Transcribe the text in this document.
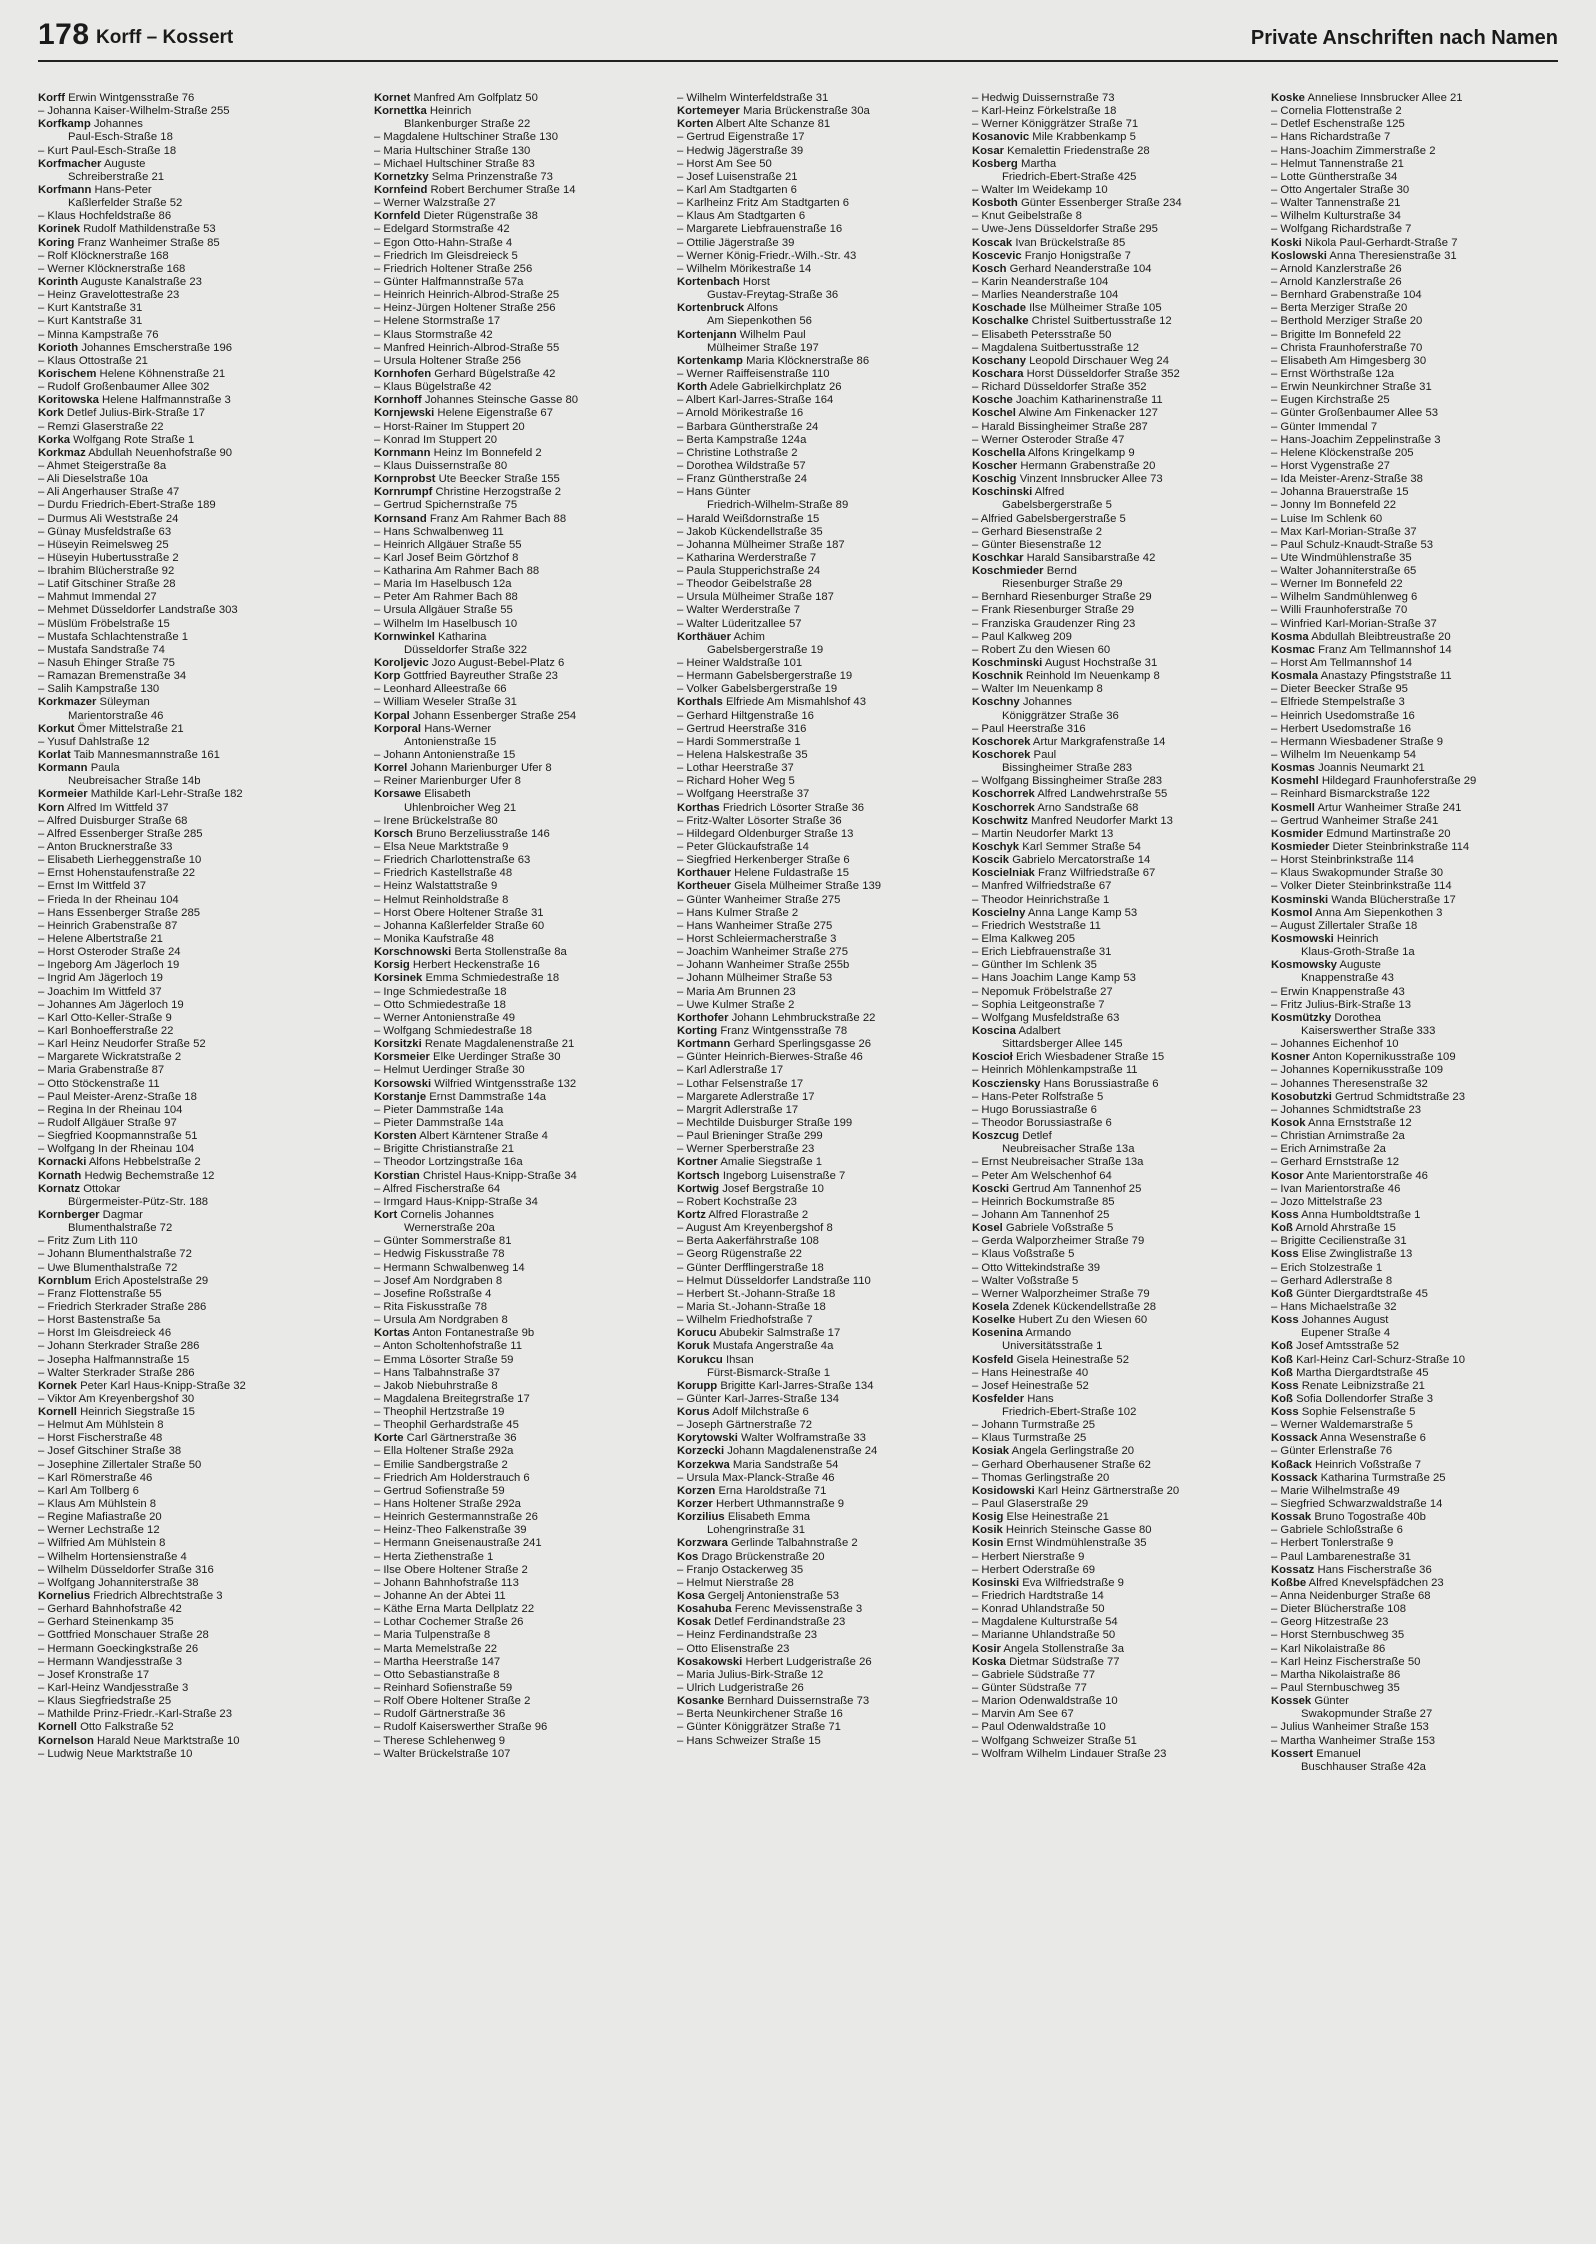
178 Korff – Kossert	Private Anschriften nach Namen
Korff Erwin Wintgensstraße 76
– Johanna Kaiser-Wilhelm-Straße 255
Korfkamp Johannes
Paul-Esch-Straße 18
– Kurt Paul-Esch-Straße 18
Korfmacher Auguste
Schreiberstraße 21
Korfmann Hans-Peter
Kaßlerfelder Straße 52
– Klaus Hochfeldstraße 86
Korinek Rudolf Mathildenstraße 53
Koring Franz Wanheimer Straße 85
– Rolf Klöcknerstraße 168
– Werner Klöcknerstraße 168
Korinth Auguste Kanalstraße 23
– Heinz Gravelottestraße 23
– Kurt Kantstraße 31
– Kurt Kantstraße 31
– Minna Kampstraße 76
Korioth Johannes Emscherstraße 196
– Klaus Ottostraße 21
Korischem Helene Köhnenstraße 21
– Rudolf Großenbaumer Allee 302
Koritowska Helene Halfmannstraße 3
Kork Detlef Julius-Birk-Straße 17
– Remzi Glaserstraße 22
Korka Wolfgang Rote Straße 1
Korkmaz Abdullah Neuenhofstraße 90
– Ahmet Steigerstraße 8a
– Ali Dieselstraße 10a
– Ali Angerhauser Straße 47
– Durdu Friedrich-Ebert-Straße 189
– Durmus Ali Weststraße 24
– Günay Musfeldstraße 63
– Hüseyin Reimelsweg 25
– Hüseyin Hubertusstraße 2
– Ibrahim Blücherstraße 92
– Latif Gitschiner Straße 28
– Mahmut Immendal 27
– Mehmet Düsseldorfer Landstraße 303
– Müslüm Fröbelstraße 15
– Mustafa Schlachtenstraße 1
– Mustafa Sandstraße 74
– Nasuh Ehinger Straße 75
– Ramazan Bremenstraße 34
– Salih Kampstraße 130
Korkmazer Süleyman
Marientorstraße 46
Korkut Ömer Mittelstraße 21
– Yusuf Dahlstraße 12
Korlat Taib Mannesmannstraße 161
Kormann Paula
Neubreisacher Straße 14b
Kormeier Mathilde Karl-Lehr-Straße 182
Korn Alfred Im Wittfeld 37
– Alfred Duisburger Straße 68
– Alfred Essenberger Straße 285
– Anton Brucknerstraße 33
– Elisabeth Lierheggenstraße 10
– Ernst Hohenstaufenstraße 22
– Ernst Im Wittfeld 37
– Frieda In der Rheinau 104
– Hans Essenberger Straße 285
– Heinrich Grabenstraße 87
– Helene Albertstraße 21
– Horst Osteroder Straße 24
– Ingeborg Am Jägerloch 19
– Ingrid Am Jägerloch 19
– Joachim Im Wittfeld 37
– Johannes Am Jägerloch 19
– Karl Otto-Keller-Straße 9
– Karl Bonhoefferstraße 22
– Karl Heinz Neudorfer Straße 52
– Margarete Wickratstraße 2
– Maria Grabenstraße 87
– Otto Stöckenstraße 11
– Paul Meister-Arenz-Straße 18
– Regina In der Rheinau 104
– Rudolf Allgäuer Straße 97
– Siegfried Koopmannstraße 51
– Wolfgang In der Rheinau 104
Kornacki Alfons Hebbelstraße 2
Kornath Hedwig Bechemstraße 12
Kornatz Ottokar
Bürgermeister-Pütz-Str. 188
Kornberger Dagmar
Blumenthalstraße 72
– Fritz Zum Lith 110
– Johann Blumenthalstraße 72
– Uwe Blumenthalstraße 72
Kornblum Erich Apostelstraße 29
– Franz Flottenstraße 55
– Friedrich Sterkrader Straße 286
– Horst Bastenstraße 5a
– Horst Im Gleisdreieck 46
– Johann Sterkrader Straße 286
– Josepha Halfmannstraße 15
– Walter Sterkrader Straße 286
Kornek Peter Karl Haus-Knipp-Straße 32
– Viktor Am Kreyenbergshof 30
Kornell Heinrich Siegstraße 15
– Helmut Am Mühlstein 8
– Horst Fischerstraße 48
– Josef Gitschiner Straße 38
– Josephine Zillertaler Straße 50
– Karl Römerstraße 46
– Karl Am Tollberg 6
– Klaus Am Mühlstein 8
– Regine Mafiastraße 20
– Werner Lechstraße 12
– Wilfried Am Mühlstein 8
– Wilhelm Hortensienstraße 4
– Wilhelm Düsseldorfer Straße 316
– Wolfgang Johanniterstraße 38
Kornelius Friedrich Albrechtstraße 3
– Gerhard Bahnhofstraße 42
– Gerhard Steinenkamp 35
– Gottfried Monschauer Straße 28
– Hermann Goeckingkstraße 26
– Hermann Wandjesstraße 3
– Josef Kronstraße 17
– Karl-Heinz Wandjesstraße 3
– Klaus Siegfriedstraße 25
– Mathilde Prinz-Friedr.-Karl-Straße 23
Kornell Otto Falkstraße 52
Kornelson Harald Neue Marktstraße 10
– Ludwig Neue Marktstraße 10
Kornet Manfred Am Golfplatz 50
Kornettka Heinrich
Blankenburger Straße 22
– Magdalene Hultschiner Straße 130
– Maria Hultschiner Straße 130
– Michael Hultschiner Straße 83
Kornetzky Selma Prinzenstraße 73
Kornfeind Robert Berchumer Straße 14
– Werner Walzstraße 27
Kornfeld Dieter Rügenstraße 38
– Edelgard Stormstraße 42
– Egon Otto-Hahn-Straße 4
– Friedrich Im Gleisdreieck 5
– Friedrich Holtener Straße 256
– Günter Halfmannstraße 57a
– Heinrich Heinrich-Albrod-Straße 25
– Heinz-Jürgen Holtener Straße 256
– Helene Stormstraße 17
– Klaus Stormstraße 42
– Manfred Heinrich-Albrod-Straße 55
– Ursula Holtener Straße 256
Kornhofen Gerhard Bügelstraße 42
– Klaus Bügelstraße 42
Kornhoff Johannes Steinsche Gasse 80
Kornjewski Helene Eigenstraße 67
– Horst-Rainer Im Stuppert 20
– Konrad Im Stuppert 20
Kornmann Heinz Im Bonnefeld 2
– Klaus Duissernstraße 80
Kornprobst Ute Beecker Straße 155
Kornrumpf Christine Herzogstraße 2
– Gertrud Spichernstraße 75
Kornsand Franz Am Rahmer Bach 88
– Hans Schwalbenweg 11
– Heinrich Allgäuer Straße 55
– Karl Josef Beim Görtzhof 8
– Katharina Am Rahmer Bach 88
– Maria Im Haselbusch 12a
– Peter Am Rahmer Bach 88
– Ursula Allgäuer Straße 55
– Wilhelm Im Haselbusch 10
Kornwinkel Katharina
Düsseldorfer Straße 322
Koroljevic Jozo August-Bebel-Platz 6
Korp Gottfried Bayreuther Straße 23
– Leonhard Alleestraße 66
– William Weseler Straße 31
Korpal Johann Essenberger Straße 254
Korporal Hans-Werner
Antonienstraße 15
– Johann Antonienstraße 15
Korrel Johann Marienburger Ufer 8
– Reiner Marienburger Ufer 8
Korsawe Elisabeth
Uhlenbroicher Weg 21
– Irene Brückelstraße 80
Korsch Bruno Berzeliusstraße 146
– Elsa Neue Marktstraße 9
– Friedrich Charlottenstraße 63
– Friedrich Kastellstraße 48
– Heinz Walstattstraße 9
– Helmut Reinholdstraße 8
– Horst Obere Holtener Straße 31
– Johanna Kaßlerfelder Straße 60
– Monika Kaufstraße 48
Korschnowski Berta Stollenstraße 8a
Korsig Herbert Heckenstraße 16
Korsinek Emma Schmiedestraße 18
– Inge Schmiedestraße 18
– Otto Schmiedestraße 18
– Werner Antonienstraße 49
– Wolfgang Schmiedestraße 18
Korsitzki Renate Magdalenenstraße 21
Korsmeier Elke Uerdinger Straße 30
– Helmut Uerdinger Straße 30
Korsowski Wilfried Wintgensstraße 132
Korstanje Ernst Dammstraße 14a
– Pieter Dammstraße 14a
– Pieter Dammstraße 14a
Korsten Albert Kärntener Straße 4
– Brigitte Christianstraße 21
– Theodor Lortzingstraße 16a
Korstian Christel Haus-Knipp-Straße 34
– Alfred Fischerstraße 64
– Irmgard Haus-Knipp-Straße 34
Kort Cornelis Johannes
Wernerstraße 20a
– Günter Sommerstraße 81
– Hedwig Fiskusstraße 78
– Hermann Schwalbenweg 14
– Josef Am Nordgraben 8
– Josefine Roßstraße 4
– Rita Fiskusstraße 78
– Ursula Am Nordgraben 8
Kortas Anton Fontanestraße 9b
– Anton Scholtenhofstraße 11
– Emma Lösorter Straße 59
– Hans Talbahnstraße 37
– Jakob Niebuhrstraße 8
– Magdalena Breitegrstraße 17
– Theophil Hertzstraße 19
– Theophil Gerhardstraße 45
Korte Carl Gärtnerstraße 36
– Ella Holtener Straße 292a
– Emilie Sandbergstraße 2
– Friedrich Am Holderstrauch 6
– Gertrud Sofienstraße 59
– Hans Holtener Straße 292a
– Heinrich Gestermannstraße 26
– Heinz-Theo Falkenstraße 39
– Hermann Gneisenaustraße 241
– Herta Ziethenstraße 1
– Ilse Obere Holtener Straße 2
– Johann Bahnhofstraße 113
– Johanne An der Abtei 11
– Käthe Erna Marta Dellplatz 22
– Lothar Cochemer Straße 26
– Maria Tulpenstraße 8
– Marta Memelstraße 22
– Martha Heerstraße 147
– Otto Sebastianstraße 8
– Reinhard Sofienstraße 59
– Rolf Obere Holtener Straße 2
– Rudolf Gärtnerstraße 36
– Rudolf Kaiserswerther Straße 96
– Therese Schlehenweg 9
– Walter Brückelstraße 107
– Wilhelm Winterfeldstraße 31
Kortemeyer Maria Brückenstraße 30a
Korten Albert Alte Schanze 81
– Gertrud Eigenstraße 17
– Hedwig Jägerstraße 39
– Horst Am See 50
– Josef Luisenstraße 21
– Karl Am Stadtgarten 6
– Karlheinz Fritz Am Stadtgarten 6
– Klaus Am Stadtgarten 6
– Margarete Liebfrauenstraße 16
– Ottilie Jägerstraße 39
– Werner König-Friedr.-Wilh.-Str. 43
– Wilhelm Mörikestraße 14
Kortenbach Horst
Gustav-Freytag-Straße 36
Kortenbruck Alfons
Am Siepenkothen 56
Kortenjann Wilhelm Paul
Mülheimer Straße 197
Kortenkamp Maria Klöcknerstraße 86
– Werner Raiffeisenstraße 110
Korth Adele Gabrielkirchplatz 26
– Albert Karl-Jarres-Straße 164
– Arnold Mörikestraße 16
– Barbara Güntherstraße 24
– Berta Kampstraße 124a
– Christine Lothstraße 2
– Dorothea Wildstraße 57
– Franz Güntherstraße 24
– Hans Günter
Friedrich-Wilhelm-Straße 89
– Harald Weißdornstraße 15
– Jakob Kückendellstraße 35
– Johanna Mülheimer Straße 187
– Katharina Werderstraße 7
– Paula Stupperichstraße 24
– Theodor Geibelstraße 28
– Ursula Mülheimer Straße 187
– Walter Werderstraße 7
– Walter Lüderitzallee 57
Korthäuer Achim
Gabelsbergerstraße 19
– Heiner Waldstraße 101
– Hermann Gabelsbergerstraße 19
– Volker Gabelsbergerstraße 19
Korthals Elfriede Am Mismahlshof 43
– Gerhard Hiltgenstraße 16
– Gertrud Heerstraße 316
– Hardi Sommerstraße 1
– Helena Halskestraße 35
– Lothar Heerstraße 37
– Richard Hoher Weg 5
– Wolfgang Heerstraße 37
Korthas Friedrich Lösorter Straße 36
– Fritz-Walter Lösorter Straße 36
– Hildegard Oldenburger Straße 13
– Peter Glückaufstraße 14
– Siegfried Herkenberger Straße 6
Korthauer Helene Fuldastraße 15
Kortheuer Gisela Mülheimer Straße 139
– Günter Wanheimer Straße 275
– Hans Kulmer Straße 2
– Hans Wanheimer Straße 275
– Horst Schleiermacherstraße 3
– Joachim Wanheimer Straße 275
– Johann Wanheimer Straße 255b
– Johann Mülheimer Straße 53
– Maria Am Brunnen 23
– Uwe Kulmer Straße 2
Korthofer Johann Lehmbruckstraße 22
Korting Franz Wintgensstraße 78
Kortmann Gerhard Sperlingsgasse 26
– Günter Heinrich-Bierwes-Straße 46
– Karl Adlerstraße 17
– Lothar Felsenstraße 17
– Margarete Adlerstraße 17
– Margrit Adlerstraße 17
– Mechtilde Duisburger Straße 199
– Paul Brieninger Straße 299
– Werner Sperberstraße 23
Kortner Amalie Siegstraße 1
Kortsch Ingeborg Luisenstraße 7
Kortwig Josef Bergstraße 10
– Robert Kochstraße 23
Kortz Alfred Florastraße 2
– August Am Kreyenbergshof 8
– Berta Aakerfährstraße 108
– Georg Rügenstraße 22
– Günter Derfflingerstraße 18
– Helmut Düsseldorfer Landstraße 110
– Herbert St.-Johann-Straße 18
– Maria St.-Johann-Straße 18
– Wilhelm Friedhofstraße 7
Korucu Abubekir Salmstraße 17
Koruk Mustafa Angerstraße 4a
Korukcu Ihsan
Fürst-Bismarck-Straße 1
Korupp Brigitte Karl-Jarres-Straße 134
– Günter Karl-Jarres-Straße 134
Korus Adolf Milchstraße 6
– Joseph Gärtnerstraße 72
Korytowski Walter Wolframstraße 33
Korzecki Johann Magdalenenstraße 24
Korzekwa Maria Sandstraße 54
– Ursula Max-Planck-Straße 46
Korzen Erna Haroldstraße 71
Korzer Herbert Uthmannstraße 9
Korzilius Elisabeth Emma
Lohengrinstraße 31
Korzwara Gerlinde Talbahnstraße 2
Kos Drago Brückenstraße 20
– Franjo Ostackerweg 35
– Helmut Nierstraße 28
Kosa Gergelj Antonienstraße 53
Kosahuba Ferenc Mevissenstraße 3
Kosak Detlef Ferdinandstraße 23
– Heinz Ferdinandstraße 23
– Otto Elisenstraße 23
Kosakowski Herbert Ludgeristraße 26
– Maria Julius-Birk-Straße 12
– Ulrich Ludgeristraße 26
Kosanke Bernhard Duissernstraße 73
– Berta Neunkirchener Straße 16
– Günter Königgrätzer Straße 71
– Hans Schweizer Straße 15
– Hedwig Duissernstraße 73
– Karl-Heinz Förkelstraße 18
– Werner Königgrätzer Straße 71
Kosanovic Mile Krabbenkamp 5
Kosar Kemalettin Friedenstraße 28
Kosberg Martha
Friedrich-Ebert-Straße 425
– Walter Im Weidekamp 10
Kosboth Günter Essenberger Straße 234
– Knut Geibelstraße 8
– Uwe-Jens Düsseldorfer Straße 295
Koscak Ivan Brückelstraße 85
Koscevic Franjo Honigstraße 7
Kosch Gerhard Neanderstraße 104
– Karin Neanderstraße 104
– Marlies Neanderstraße 104
Koschade Ilse Mülheimer Straße 105
Koschalke Christel Suitbertusstraße 12
– Elisabeth Petersstraße 50
– Magdalena Suitbertusstraße 12
Koschany Leopold Dirschauer Weg 24
Koschara Horst Düsseldorfer Straße 352
– Richard Düsseldorfer Straße 352
Kosche Joachim Katharinenstraße 11
Koschel Alwine Am Finkenacker 127
– Harald Bissingheimer Straße 287
– Werner Osteroder Straße 47
Koschella Alfons Kringelkamp 9
Koscher Hermann Grabenstraße 20
Koschig Vinzent Innsbrucker Allee 73
Koschinski Alfred
Gabelsbergerstraße 5
– Alfried Gabelsbergerstraße 5
– Gerhard Biesenstraße 2
– Günter Biesenstraße 12
Koschkar Harald Sansibarstraße 42
Koschmieder Bernd
Riesenburger Straße 29
– Bernhard Riesenburger Straße 29
– Frank Riesenburger Straße 29
– Franziska Graudenzer Ring 23
– Paul Kalkweg 209
– Robert Zu den Wiesen 60
Koschminski August Hochstraße 31
Koschnik Reinhold Im Neuenkamp 8
– Walter Im Neuenkamp 8
Koschny Johannes
Königgrätzer Straße 36
– Paul Heerstraße 316
Koschorek Artur Markgrafenstraße 14
Koschorek Paul
Bissingheimer Straße 283
– Wolfgang Bissingheimer Straße 283
Koschorrek Alfred Landwehrstraße 55
Koschorrek Arno Sandstraße 68
Koschwitz Manfred Neudorfer Markt 13
– Martin Neudorfer Markt 13
Koschyk Karl Semmer Straße 54
Koscik Gabrielo Mercatorstraße 14
Koscielniak Franz Wilfriedstraße 67
– Manfred Wilfriedstraße 67
– Theodor Heinrichstraße 1
Koscielny Anna Lange Kamp 53
– Friedrich Weststraße 11
– Elma Kalkweg 205
– Erich Liebfrauenstraße 31
– Günther Im Schlenk 35
– Hans Joachim Lange Kamp 53
– Nepomuk Fröbelstraße 27
– Sophia Leitgeonstraße 7
– Wolfgang Musfeldstraße 63
Koscina Adalbert
Sittardsberger Allee 145
Koscioł Erich Wiesbadener Straße 15
– Heinrich Möhlenkampstraße 11
Koscziensky Hans Borussiastraße 6
– Hans-Peter Rolfstraße 5
– Hugo Borussiastraße 6
– Theodor Borussiastraße 6
Koszcug Detlef
Neubreisacher Straße 13a
– Ernst Neubreisacher Straße 13a
– Peter Am Welschenhof 64
Koscki Gertrud Am Tannenhof 25
– Heinrich Bockumstraße 85
– Johann Am Tannenhof 25
Kosel Gabriele Voßstraße 5
– Gerda Walporzheimer Straße 79
– Klaus Voßstraße 5
– Otto Wittekindstraße 39
– Walter Voßstraße 5
– Werner Walporzheimer Straße 79
Kosela Zdenek Kückendellstraße 28
Koselke Hubert Zu den Wiesen 60
Kosenina Armando
Universitätsstraße 1
Kosfeld Gisela Heinestraße 52
– Hans Heinestraße 40
– Josef Heinestraße 52
Kosfelder Hans
Friedrich-Ebert-Straße 102
– Johann Turmstraße 25
– Klaus Turmstraße 25
Kosiak Angela Gerlingstraße 20
– Gerhard Oberhausener Straße 62
– Thomas Gerlingstraße 20
Kosidowski Karl Heinz Gärtnerstraße 20
– Paul Glaserstraße 29
Kosig Else Heinestraße 21
Kosik Heinrich Steinsche Gasse 80
Kosin Ernst Windmühlenstraße 35
– Herbert Nierstraße 9
– Herbert Oderstraße 69
Kosinski Eva Wilfriedstraße 9
– Friedrich Hardtstraße 14
– Konrad Uhlandstraße 50
– Magdalene Kulturstraße 54
– Marianne Uhlandstraße 50
Kosir Angela Stollenstraße 3a
Koska Dietmar Südstraße 77
– Gabriele Südstraße 77
– Günter Südstraße 77
– Marion Odenwaldstraße 10
– Marvin Am See 67
– Paul Odenwaldstraße 10
– Wolfgang Schweizer Straße 51
– Wolfram Wilhelm Lindauer Straße 23
Koske Anneliese Innsbrucker Allee 21
– Cornelia Flottenstraße 2
– Detlef Eschenstraße 125
– Hans Richardstraße 7
– Hans-Joachim Zimmerstraße 2
– Helmut Tannenstraße 21
– Lotte Güntherstraße 34
– Otto Angertaler Straße 30
– Walter Tannenstraße 21
– Wilhelm Kulturstraße 34
– Wolfgang Richardstraße 7
Koski Nikola Paul-Gerhardt-Straße 7
Koslowski Anna Theresienstraße 31
– Arnold Kanzlerstraße 26
– Arnold Kanzlerstraße 26
– Bernhard Grabenstraße 104
– Berta Merziger Straße 20
– Berthold Merziger Straße 20
– Brigitte Im Bonnefeld 22
– Christa Fraunhoferstraße 70
– Elisabeth Am Himgesberg 30
– Ernst Wörthstraße 12a
– Erwin Neunkirchner Straße 31
– Eugen Kirchstraße 25
– Günter Großenbaumer Allee 53
– Günter Immendal 7
– Hans-Joachim Zeppelinstraße 3
– Helene Klöckenstraße 205
– Horst Vygenstraße 27
– Ida Meister-Arenz-Straße 38
– Johanna Brauerstraße 15
– Jonny Im Bonnefeld 22
– Luise Im Schlenk 60
– Max Karl-Morian-Straße 37
– Paul Schulz-Knaudt-Straße 53
– Ute Windmühlenstraße 35
– Walter Johanniterstraße 65
– Werner Im Bonnefeld 22
– Wilhelm Sandmühlenweg 6
– Willi Fraunhoferstraße 70
– Winfried Karl-Morian-Straße 37
Kosma Abdullah Bleibtreustraße 20
Kosmac Franz Am Tellmannshof 14
– Horst Am Tellmannshof 14
Kosmala Anastazy Pfingststraße 11
– Dieter Beecker Straße 95
– Elfriede Stempelstraße 3
– Heinrich Usedomstraße 16
– Herbert Usedomstraße 16
– Hermann Wiesbadener Straße 9
– Wilhelm Im Neuenkamp 54
Kosmas Joannis Neumarkt 21
Kosmehl Hildegard Fraunhoferstraße 29
– Reinhard Bismarckstraße 122
Kosmell Artur Wanheimer Straße 241
– Gertrud Wanheimer Straße 241
Kosmider Edmund Martinstraße 20
Kosmieder Dieter Steinbrinkstraße 114
– Horst Steinbrinkstraße 114
– Klaus Swakopmunder Straße 30
– Volker Dieter Steinbrinkstraße 114
Kosminski Wanda Blücherstraße 17
Kosmol Anna Am Siepenkothen 3
– August Zillertaler Straße 18
Kosmowski Heinrich
Klaus-Groth-Straße 1a
Kosmowsky Auguste
Knappenstraße 43
– Erwin Knappenstraße 43
– Fritz Julius-Birk-Straße 13
Kosmützky Dorothea
Kaiserswerther Straße 333
– Johannes Eichenhof 10
Kosner Anton Kopernikusstraße 109
– Johannes Kopernikusstraße 109
– Johannes Theresenstraße 32
Kosobutzki Gertrud Schmidtstraße 23
– Johannes Schmidtstraße 23
Kosok Anna Ernststraße 12
– Christian Arnimstraße 2a
– Erich Arnimstraße 2a
– Gerhard Ernststraße 12
Kosor Ante Marientorstraße 46
– Ivan Marientorstraße 46
– Jozo Mittelstraße 23
Koss Anna Humboldtstraße 1
Koß Arnold Ahrstraße 15
– Brigitte Cecilienstraße 31
Koss Elise Zwinglistraße 13
– Erich Stolzestraße 1
– Gerhard Adlerstraße 8
Koß Günter Diergardtstraße 45
– Hans Michaelstraße 32
Koss Johannes August
Eupener Straße 4
Koß Josef Amtsstraße 52
Koß Karl-Heinz Carl-Schurz-Straße 10
Koß Martha Diergardtstraße 45
Koss Renate Leibnizstraße 21
Koß Sofia Dollendorfer Straße 3
Koss Sophie Felsenstraße 5
– Werner Waldemarstraße 5
Kossack Anna Wesenstraße 6
– Günter Erlenstraße 76
Koßack Heinrich Voßstraße 7
Kossack Katharina Turmstraße 25
– Marie Wilhelmstraße 49
– Siegfried Schwarzwaldstraße 14
Kossak Bruno Togostraße 40b
– Gabriele Schloßstraße 6
– Herbert Tonlerstraße 9
– Paul Lambarenestraße 31
Kossatz Hans Fischerstraße 36
Koßbe Alfred Knevelspfädchen 23
– Anna Neidenburger Straße 68
– Dieter Blücherstraße 108
– Georg Hitzestraße 23
– Horst Sternbuschweg 35
– Karl Nikolaistraße 86
– Karl Heinz Fischerstraße 50
– Martha Nikolaistraße 86
– Paul Sternbuschweg 35
Kossek Günter
Swakopmunder Straße 27
– Julius Wanheimer Straße 153
– Martha Wanheimer Straße 153
Kossert Emanuel
Buschhauser Straße 42a
